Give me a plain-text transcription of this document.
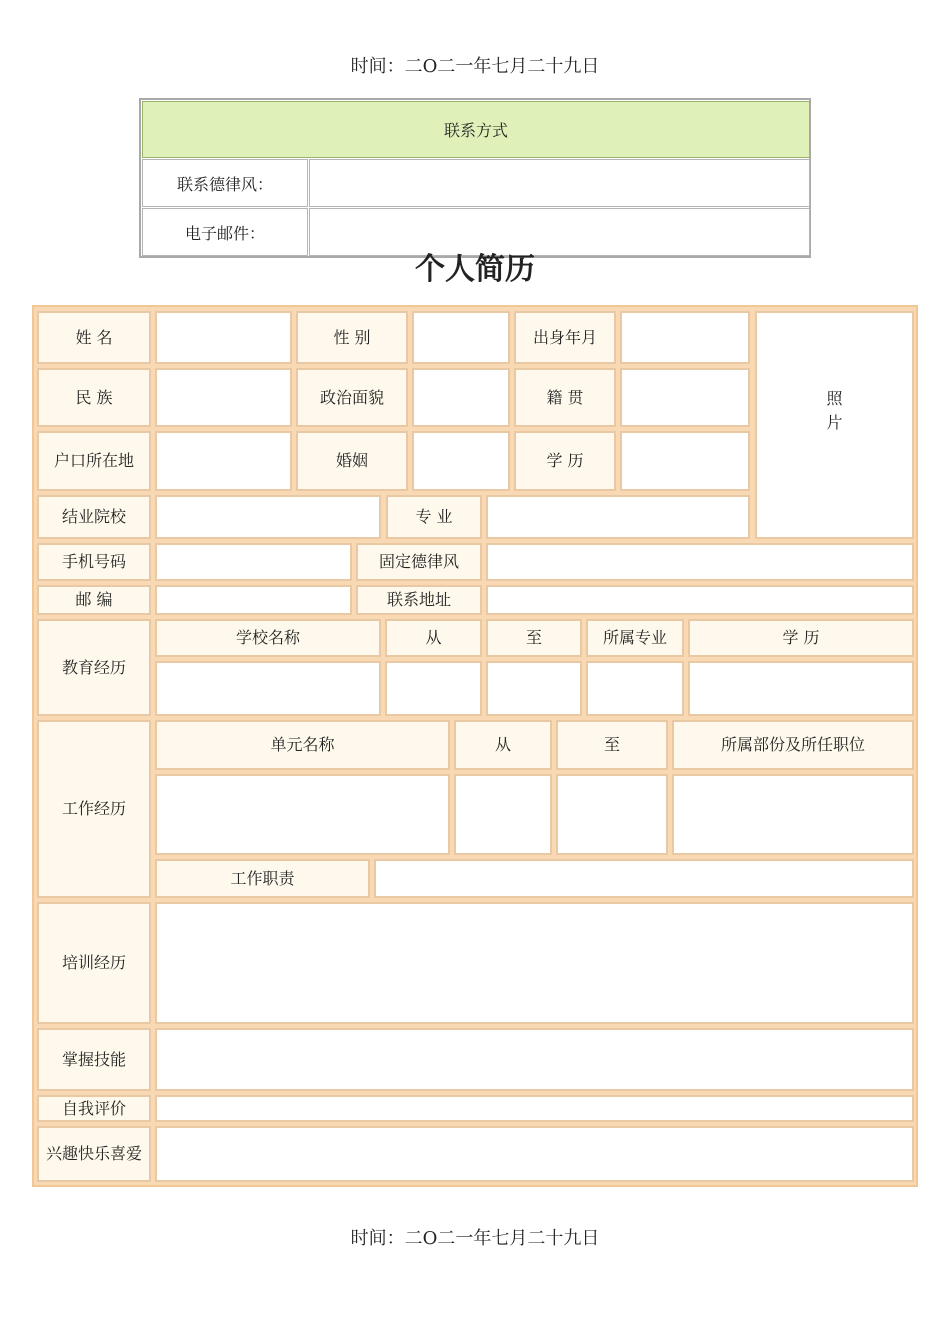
时间：二O二一年七月二十九日
联系方式
联系德律风：
电子邮件：
个人简历
姓 名	性 别	出身年月
照
片
民 族	政治面貌	籍 贯
户口所在地	婚姻	学 历
结业院校	专 业
手机号码	固定德律风
邮 编	联系地址
教育经历
学校名称	从	至	所属专业	学 历
工作经历
单元名称	从	至	所属部份及所任职位
工作职责
培训经历
掌握技能
自我评价
兴趣快乐喜爱
时间：二O二一年七月二十九日
